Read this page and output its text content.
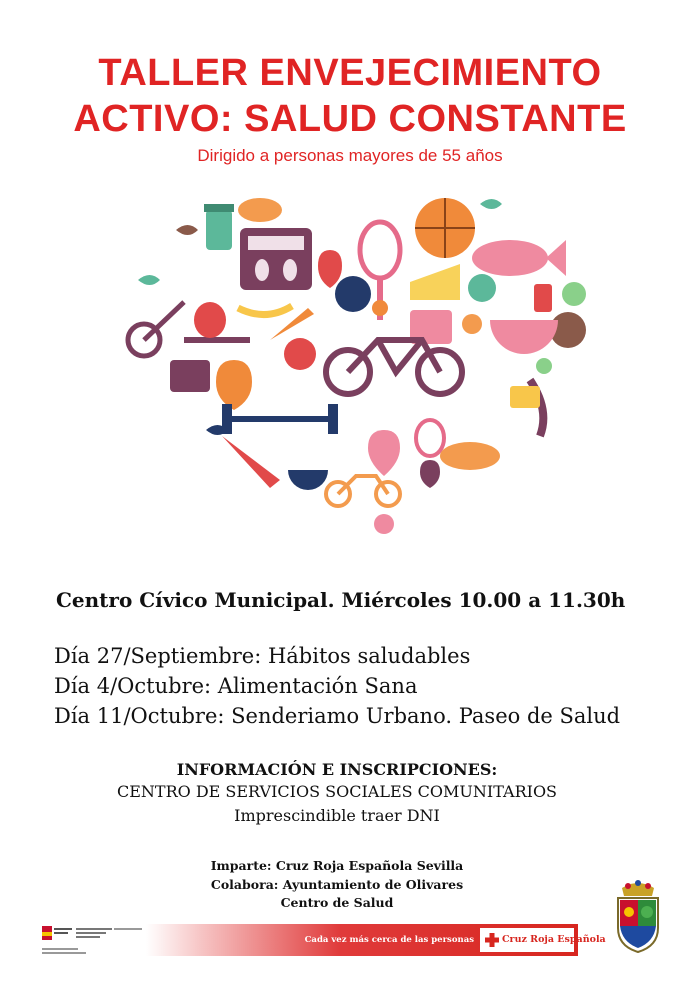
TALLER ENVEJECIMIENTO
ACTIVO: SALUD CONSTANTE
Dirigido a personas mayores de 55 años
Centro Cívico Municipal. Miércoles 10.00 a 11.30h
Día 27/Septiembre: Hábitos saludables
Día 4/Octubre: Alimentación Sana
Día 11/Octubre: Senderiamo Urbano. Paseo de Salud
INFORMACIÓN E INSCRIPCIONES:
CENTRO DE SERVICIOS SOCIALES COMUNITARIOS
Imprescindible traer DNI
Imparte: Cruz Roja Española Sevilla
Colabora: Ayuntamiento de Olivares
Centro de Salud
Cada vez más cerca de las personas	Cruz Roja Española
